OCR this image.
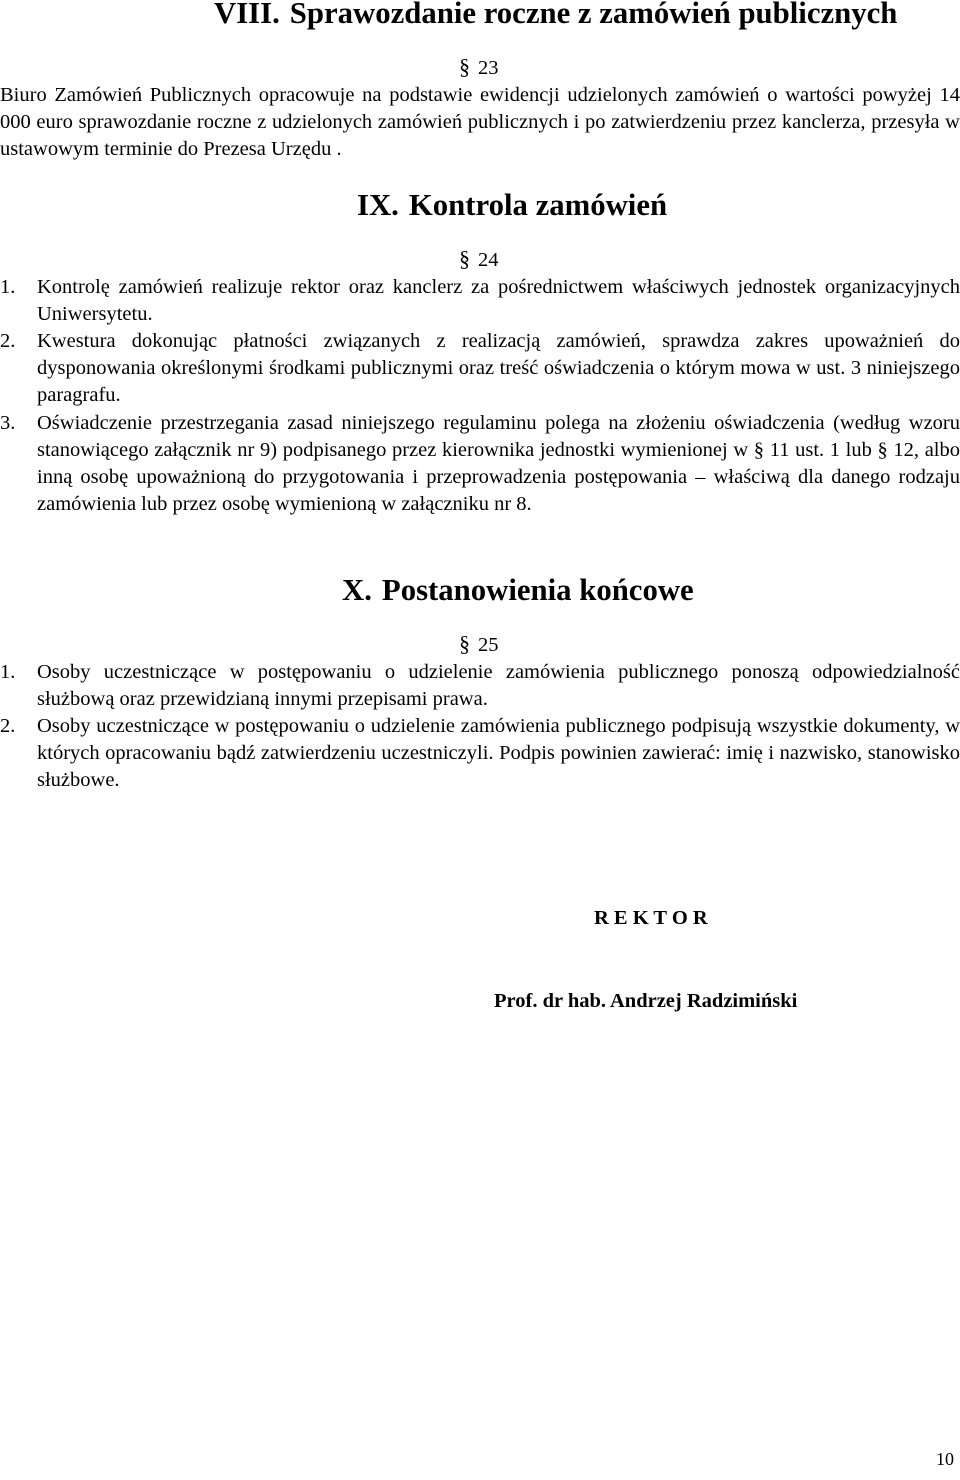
VIII. Sprawozdanie roczne z zamówień publicznych
§ 23

Biuro Zamówień Publicznych opracowuje na podstawie ewidencji udzielonych zamówień o wartości powyżej 14 000 euro sprawozdanie roczne z udzielonych zamówień publicznych i po zatwierdzeniu przez kanclerza, przesyła w ustawowym terminie do Prezesa Urzędu .

IX. Kontrola zamówień
§ 24
1.	Kontrolę zamówień realizuje rektor oraz kanclerz za pośrednictwem właściwych jednostek organizacyjnych Uniwersytetu.
2.	Kwestura dokonując płatności związanych z realizacją zamówień, sprawdza zakres upoważnień do dysponowania określonymi środkami publicznymi oraz treść oświadczenia o którym mowa w ust. 3 niniejszego paragrafu.
3.	Oświadczenie przestrzegania zasad niniejszego regulaminu polega na złożeniu oświadczenia (według wzoru stanowiącego załącznik nr 9) podpisanego przez kierownika jednostki wymienionej w § 11 ust. 1 lub § 12, albo inną osobę upoważnioną do przygotowania i przeprowadzenia postępowania – właściwą dla danego rodzaju zamówienia lub przez osobę wymienioną w załączniku nr 8.
X. Postanowienia końcowe
§ 25
1.	Osoby uczestniczące w postępowaniu o udzielenie zamówienia publicznego ponoszą odpowiedzialność służbową oraz przewidzianą innymi przepisami prawa.
2.	Osoby uczestniczące w postępowaniu o udzielenie zamówienia publicznego podpisują wszystkie dokumenty, w których opracowaniu bądź zatwierdzeniu uczestniczyli. Podpis powinien zawierać: imię i nazwisko, stanowisko służbowe.
R E K T O R
Prof. dr hab. Andrzej Radzimiński
10
